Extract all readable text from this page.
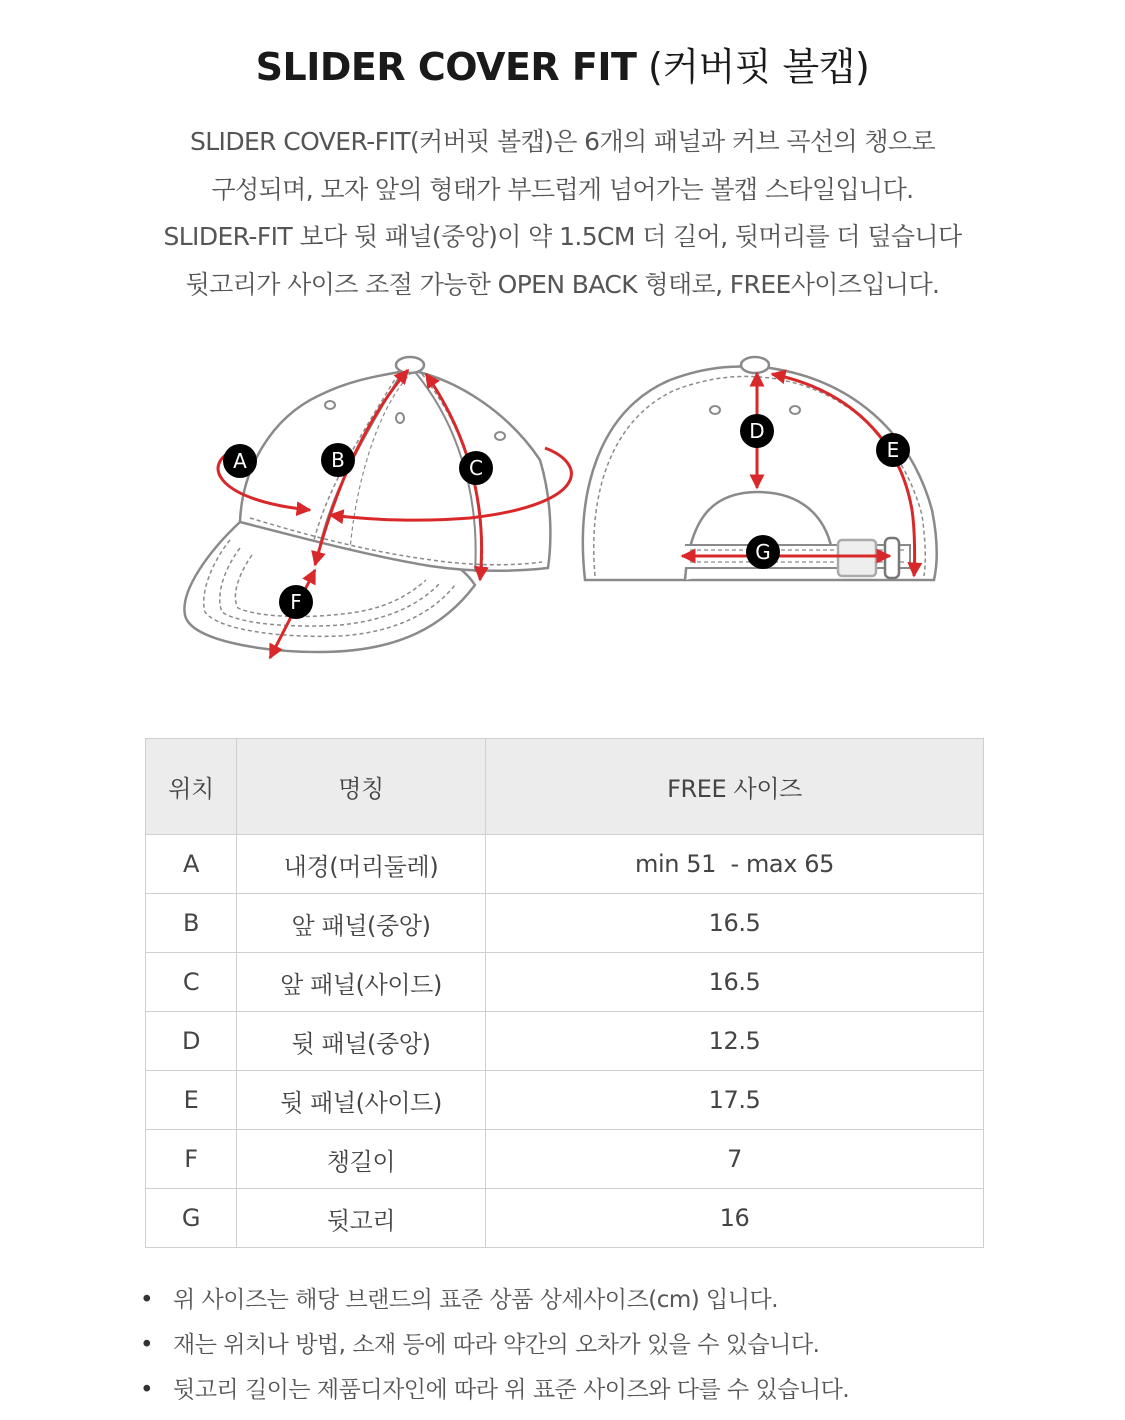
SLIDER COVER FIT (커버핏 볼캡)
SLIDER COVER-FIT(커버핏 볼캡)은 6개의 패널과 커브 곡선의 챙으로
구성되며, 모자 앞의 형태가 부드럽게 넘어가는 볼캡 스타일입니다.
SLIDER-FIT 보다 뒷 패널(중앙)이 약 1.5CM 더 길어, 뒷머리를 더 덮습니다
뒷고리가 사이즈 조절 가능한 OPEN BACK 형태로, FREE사이즈입니다.
A	B	C
F
D
E
G
위치	명칭	FREE 사이즈
A	내경(머리둘레)	min 51  - max 65
B	앞 패널(중앙)	16.5
C	앞 패널(사이드)	16.5
D	뒷 패널(중앙)	12.5
E	뒷 패널(사이드)	17.5
F	챙길이	7
G	뒷고리	16
• 위 사이즈는 해당 브랜드의 표준 상품 상세사이즈(cm) 입니다.
• 재는 위치나 방법, 소재 등에 따라 약간의 오차가 있을 수 있습니다.
• 뒷고리 길이는 제품디자인에 따라 위 표준 사이즈와 다를 수 있습니다.
